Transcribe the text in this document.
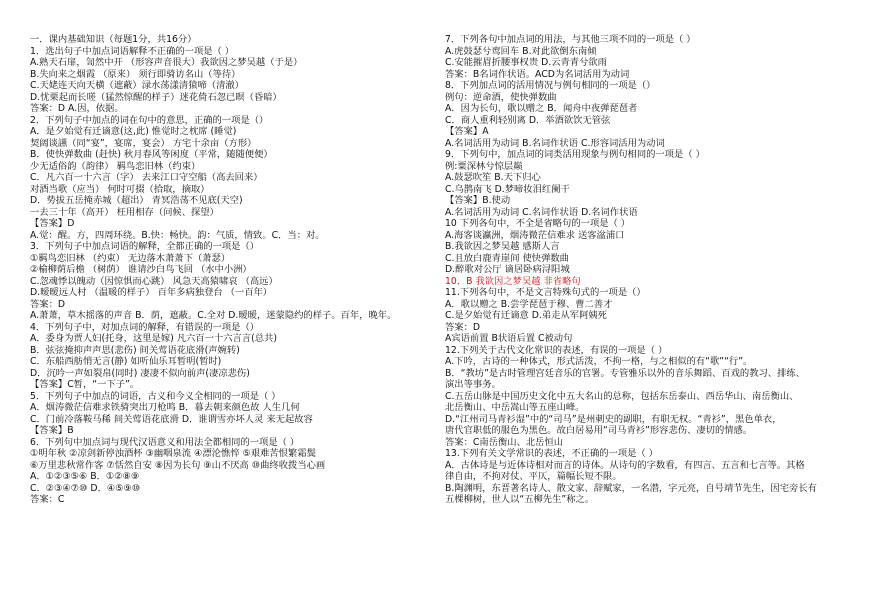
一．课内基础知识（每题1分，共16分）
1．选出句子中加点词语解释不正确的一项是（ ）
A.熟天石扉，訇然中开 （形容声音很大）我欲因之梦吴越（于是）
B.失向来之烟霞 （原来） 须行即骑访名山（等待）
C.天姥连天向天横（遮蔽）渌水荡漾清猿啼（清澈）
D.忧栗起而长嗟（猛然惊醒的样子）迷花倚石忽已暝（昏暗）
答案：D A.因，依据。
2．下列句子中加点的词在句中的意思，正确的一项是（）
A．是夕始觉有迁谪意(这,此) 惟觉时之枕席 (睡觉)
契阔谈讌（同“宴”，宴席，宴会） 方宅十余亩（方形）
B．使快弹数曲 (赶快) 秋月春风等闲度（平常，随随便便）
少无适俗韵（韵律） 羁鸟恋旧林（约束）
C．凡六百一十六言（字） 去来江口守空船（高去回来）
对酒当歌（应当） 何时可掇（拾取，摘取）
D．势拔五岳掩赤城（超出） 青冥浩荡不见底(天空)
一去三十年（高开） 枉用相存（问候、探望）
【答案】D
A.觉：醒。方，四周环绕。B.快：畅快。韵：气质，情致。C．当：对。
3．下列句子中加点词语的解释，全都正确的一项是（）
①羁鸟恋旧林 （约束） 无边落木萧萧下（萧瑟）
②榆柳荫后檐 （树荫） 谁请沙白鸟飞回 （水中小洲）
C.忽魂悸以魄动（因惊惧而心跳） 风急天高猿啸哀 （高远）
D.暧暧远人村 （温暖的样子） 百年多病独登台 （一百年）
答案：D
A.萧萧，草木摇落的声音 B．荫，遮蔽。C.全对 D.暧暧，迷蒙隐约的样子。百年，晚年。
4．下列句子中，对加点词的解释，有错误的一项是（）
A．委身为贾人妇(托身，这里是嫁) 凡六百一十六言言(总共)
B．弦弦掩抑声声思(悲伤) 间关莺语花底滑(声婉转)
C．东船西舫悄无言(静) 如听仙乐耳暂明(暂时)
D．沉吟一声如裂帛(同时) 凄凄不似向前声(凄凉悲伤)
【答案】C暂，“一下子”。
5．下列句子中加点的词语，古义和今义全相同的一项是（ ）
A．烟涛微茫信难求铁骑突出刀枪鸣 B．暮去朝来颜色故 人生几何
C．门前冷落鞍马稀 间关莺语花底滑 D．谁谓雪亦坏人灵 来无起故容
【答案】B
6．下列句中加点词与现代汉语意义和用法全都相同的一项是（ ）
①明年秋 ②凉剑新停浊酒杯 ③幽咽泉流 ④漂沦憔悴 ⑤艰难苦恨繁霜鬓
⑥万里悲秋常作客 ⑦恬然自安 ⑧因为长句 ⑨山不厌高 ⑩曲终收拨当心画
A．①②③⑤⑥ B．①②⑧⑨
C．②③④⑦⑩ D．④⑤⑨⑩
答案：C
7．下列各句中加点词的用法，与其他三项不同的一项是（ ）
A.虎鼓瑟兮鸾回车 B.对此欲倒东南倾
C.安能摧眉折腰事权贵 D.云青青兮欲雨
答案：B名词作状语。ACD为名词活用为动词
8．下列加点词的活用情况与例句相同的一项是（）
例句：逆命酒，使快弹数曲
A．因为长句，歌以赠之 B．闻舟中夜弹琵琶者
C．商人重利轻别离 D．举酒欲饮无管弦
【答案】A
A.名词活用为动词 B.名词作状语 C.形容词活用为动词
9．下列句中，加点词的词类活用现象与例句相同的一项是（ ）
例:粟深林兮惊层巅
A.鼓瑟吹笙 B.天下归心
C.乌鹊南飞 D.梦啼妆泪红阑干
【答案】B.使动
A.名词活用为动词 C.名词作状语 D.名词作状语
10 下列各句中，不全是省略句的一项是（ ）
A.海客谈瀛洲，烟涛微茫信难求 送客湓浦口
B.我欲因之梦吴越 感斯人言
C.且放白鹿青崖间 使快弹数曲
D.醉歌对公厅 谪居卧病浔阳城
10．B 我欲因之梦吴越 非省略句
11.下列各句中，不是文言特殊句式的一项是（）
A．歌以赠之 B.尝学琵琶于穆、曹二善才
C.是夕始觉有迁谪意 D.弟走从军阿姨死
答案：D
A宾语前置 B状语后置 C被动句
12.下列关于古代文化常识的表述，有误的一项是（ ）
A.下吟，古诗的一种体式，形式活泼，不拘一格，与之相似的有“歌”“行”。
B．“教坊”是古时管理宫廷音乐的官署。专管雅乐以外的音乐舞蹈、百戏的教习、排练、
演出等事务。
C.五岳山脉是中国历史文化中五大名山的总称，包括东岳泰山、西岳华山、南岳衡山、
北岳衡山、中岳嵩山等五座山峰。
D.“江州司马青衫湿”中的“司马”是州刺史的副职，有职无权。“青衫”，黑色单衣，
唐代官职低的服色为黑色。故白居易用“司马青衫”形容悲伤、凄切的情感。
答案：C南岳衡山、北岳恒山
13.下列有关文学常识的表述，不正确的一项是（ ）
A．古体诗是与近体诗相对而言的诗体。从诗句的字数看，有四言、五言和七言等。其格
律自由，不拘对仗、平仄，篇幅长短不限。
B.陶渊明，东晋著名诗人、散文家、辞赋家，一名潜，字元亮，自号靖节先生，因宅旁长有
五棵柳树，世人以“五柳先生”称之。
